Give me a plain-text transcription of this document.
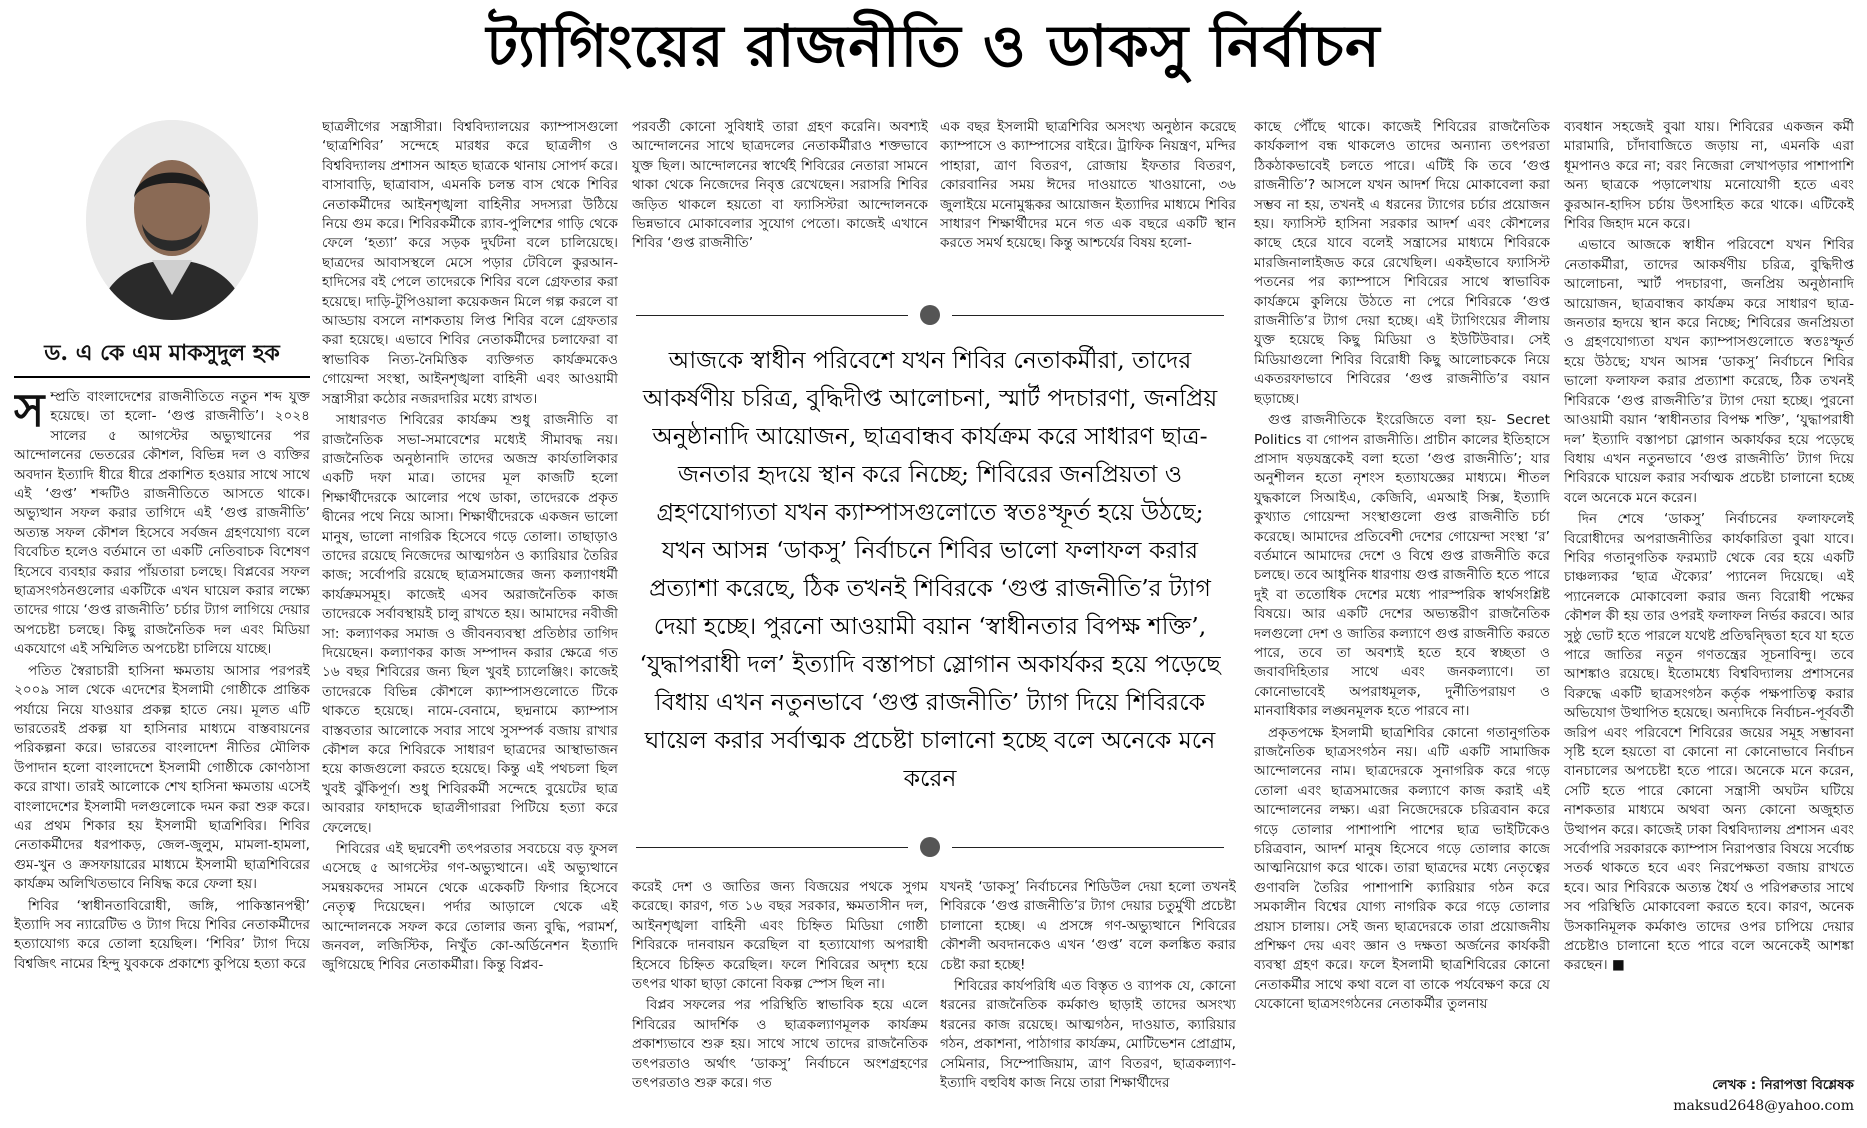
ট্যাগিংয়ের রাজনীতি ও ডাকসু নির্বাচন
ড. এ কে এম মাকসুদুল হক

সম্প্রতি বাংলাদেশের রাজনীতিতে নতুন শব্দ যুক্ত হয়েছে। তা হলো- ‘গুপ্ত রাজনীতি’। ২০২৪ সালের ৫ আগস্টের অভ্যুত্থানের পর আন্দোলনের ভেতরের কৌশল, বিভিন্ন দল ও ব্যক্তির অবদান ইত্যাদি ধীরে ধীরে প্রকাশিত হওয়ার সাথে সাথে এই ‘গুপ্ত’ শব্দটিও রাজনীতিতে আসতে থাকে। অভ্যুত্থান সফল করার তাগিদে এই ‘গুপ্ত রাজনীতি’ অত্যন্ত সফল কৌশল হিসেবে সর্বজন গ্রহণযোগ্য বলে বিবেচিত হলেও বর্তমানে তা একটি নেতিবাচক বিশেষণ হিসেবে ব্যবহার করার পাঁয়তারা চলছে। বিপ্লবের সফল ছাত্রসংগঠনগুলোর একটিকে এখন ঘায়েল করার লক্ষ্যে তাদের গায়ে ‘গুপ্ত রাজনীতি’ চর্চার ট্যাগ লাগিয়ে দেয়ার অপচেষ্টা চলছে। কিছু রাজনৈতিক দল এবং মিডিয়া একযোগে এই সম্মিলিত অপচেষ্টা চালিয়ে যাচ্ছে।

পতিত স্বৈরাচারী হাসিনা ক্ষমতায় আসার পরপরই ২০০৯ সাল থেকে এদেশের ইসলামী গোষ্ঠীকে প্রান্তিক পর্যায়ে নিয়ে যাওয়ার প্রকল্প হাতে নেয়। মূলত এটি ভারতেরই প্রকল্প যা হাসিনার মাধ্যমে বাস্তবায়নের পরিকল্পনা করে। ভারতের বাংলাদেশ নীতির মৌলিক উপাদান হলো বাংলাদেশে ইসলামী গোষ্ঠীকে কোণঠাসা করে রাখা। তারই আলোকে শেখ হাসিনা ক্ষমতায় এসেই বাংলাদেশের ইসলামী দলগুলোকে দমন করা শুরু করে। এর প্রথম শিকার হয় ইসলামী ছাত্রশিবির। শিবির নেতাকর্মীদের ধরপাকড়, জেল-জুলুম, মামলা-হামলা, গুম-খুন ও ক্রসফায়ারের মাধ্যমে ইসলামী ছাত্রশিবিরের কার্যক্রম অলিখিতভাবে নিষিদ্ধ করে ফেলা হয়।

শিবির ‘স্বাধীনতাবিরোধী, জঙ্গি, পাকিস্তানপন্থী’ ইত্যাদি সব ন্যারেটিভ ও ট্যাগ দিয়ে শিবির নেতাকর্মীদের হত্যাযোগ্য করে তোলা হয়েছিল। ‘শিবির’ ট্যাগ দিয়ে বিশ্বজিৎ নামের হিন্দু যুবককে প্রকাশ্যে কুপিয়ে হত্যা করে

ছাত্রলীগের সন্ত্রাসীরা। বিশ্ববিদ্যালয়ের ক্যাম্পাসগুলো ‘ছাত্রশিবির’ সন্দেহে মারধর করে ছাত্রলীগ ও বিশ্ববিদ্যালয় প্রশাসন আহত ছাত্রকে থানায় সোপর্দ করে। বাসাবাড়ি, ছাত্রাবাস, এমনকি চলন্ত বাস থেকে শিবির নেতাকর্মীদের আইনশৃঙ্খলা বাহিনীর সদস্যরা উঠিয়ে নিয়ে গুম করে। শিবিরকর্মীকে র‍্যাব-পুলিশের গাড়ি থেকে ফেলে ‘হত্যা’ করে সড়ক দুর্ঘটনা বলে চালিয়েছে। ছাত্রদের আবাসস্থলে মেসে পড়ার টেবিলে কুরআন-হাদিসের বই পেলে তাদেরকে শিবির বলে গ্রেফতার করা হয়েছে। দাড়ি-টুপিওয়ালা কয়েকজন মিলে গল্প করলে বা আড্ডায় বসলে নাশকতায় লিপ্ত শিবির বলে গ্রেফতার করা হয়েছে। এভাবে শিবির নেতাকর্মীদের চলাফেরা বা স্বাভাবিক নিত্য-নৈমিত্তিক ব্যক্তিগত কার্যক্রমকেও গোয়েন্দা সংস্থা, আইনশৃঙ্খলা বাহিনী এবং আওয়ামী সন্ত্রাসীরা কঠোর নজরদারির মধ্যে রাখত।

সাধারণত শিবিরের কার্যক্রম শুধু রাজনীতি বা রাজনৈতিক সভা-সমাবেশের মধ্যেই সীমাবদ্ধ নয়। রাজনৈতিক অনুষ্ঠানাদি তাদের অজস্র কার্যতালিকার একটি দফা মাত্র। তাদের মূল কাজটি হলো শিক্ষার্থীদেরকে আলোর পথে ডাকা, তাদেরকে প্রকৃত দ্বীনের পথে নিয়ে আসা। শিক্ষার্থীদেরকে একজন ভালো মানুষ, ভালো নাগরিক হিসেবে গড়ে তোলা। তাছাড়াও তাদের রয়েছে নিজেদের আত্মগঠন ও ক্যারিয়ার তৈরির কাজ; সর্বোপরি রয়েছে ছাত্রসমাজের জন্য কল্যাণধর্মী কার্যক্রমসমূহ। কাজেই এসব অরাজনৈতিক কাজ তাদেরকে সর্বাবস্থায়ই চালু রাখতে হয়। আমাদের নবীজী সা: কল্যাণকর সমাজ ও জীবনব্যবস্থা প্রতিষ্ঠার তাগিদ দিয়েছেন। কল্যাণকর কাজ সম্পাদন করার ক্ষেত্রে গত ১৬ বছর শিবিরের জন্য ছিল খুবই চ্যালেঞ্জিং। কাজেই তাদেরকে বিভিন্ন কৌশলে ক্যাম্পাসগুলোতে টিকে থাকতে হয়েছে। নামে-বেনামে, ছদ্মনামে ক্যাম্পাস বাস্তবতার আলোকে সবার সাথে সুসম্পর্ক বজায় রাখার কৌশল করে শিবিরকে সাধারণ ছাত্রদের আস্থাভাজন হয়ে কাজগুলো করতে হয়েছে। কিন্তু এই পথচলা ছিল খুবই ঝুঁকিপূর্ণ। শুধু শিবিরকর্মী সন্দেহে বুয়েটের ছাত্র আবরার ফাহাদকে ছাত্রলীগাররা পিটিয়ে হত্যা করে ফেলেছে।

শিবিরের এই ছদ্মবেশী তৎপরতার সবচেয়ে বড় ফুসল এসেছে ৫ আগস্টের গণ-অভ্যুত্থানে। এই অভ্যুত্থানে সমন্বয়কদের সামনে থেকে একেকটি ফিগার হিসেবে নেতৃত্ব দিয়েছেন। পর্দার আড়ালে থেকে এই আন্দোলনকে সফল করে তোলার জন্য বুদ্ধি, পরামর্শ, জনবল, লজিস্টিক, নিখুঁত কো-অর্ডিনেশন ইত্যাদি জুগিয়েছে শিবির নেতাকর্মীরা। কিন্তু বিপ্লব-

পরবর্তী কোনো সুবিধাই তারা গ্রহণ করেনি। অবশ্যই আন্দোলনের সাথে ছাত্রদলের নেতাকর্মীরাও শক্তভাবে যুক্ত ছিল। আন্দোলনের স্বার্থেই শিবিরের নেতারা সামনে থাকা থেকে নিজেদের নিবৃত্ত রেখেছেন। সরাসরি শিবির জড়িত থাকলে হয়তো বা ফ্যাসিস্টরা আন্দোলনকে ভিন্নভাবে মোকাবেলার সুযোগ পেতো। কাজেই এখানে শিবির ‘গুপ্ত রাজনীতি’

এক বছর ইসলামী ছাত্রশিবির অসংখ্য অনুষ্ঠান করেছে ক্যাম্পাসে ও ক্যাম্পাসের বাইরে। ট্রাফিক নিয়ন্ত্রণ, মন্দির পাহারা, ত্রাণ বিতরণ, রোজায় ইফতার বিতরণ, কোরবানির সময় ঈদের দাওয়াতে খাওয়ানো, ৩৬ জুলাইয়ে মনোমুগ্ধকর আয়োজন ইত্যাদির মাধ্যমে শিবির সাধারণ শিক্ষার্থীদের মনে গত এক বছরে একটি স্থান করতে সমর্থ হয়েছে। কিন্তু আশ্চর্যের বিষয় হলো-

আজকে স্বাধীন পরিবেশে যখন শিবির নেতাকর্মীরা, তাদের আকর্ষণীয় চরিত্র, বুদ্ধিদীপ্ত আলোচনা, স্মার্ট পদচারণা, জনপ্রিয় অনুষ্ঠানাদি আয়োজন, ছাত্রবান্ধব কার্যক্রম করে সাধারণ ছাত্র-জনতার হৃদয়ে স্থান করে নিচ্ছে; শিবিরের জনপ্রিয়তা ও গ্রহণযোগ্যতা যখন ক্যাম্পাসগুলোতে স্বতঃস্ফূর্ত হয়ে উঠছে; যখন আসন্ন ‘ডাকসু’ নির্বাচনে শিবির ভালো ফলাফল করার প্রত্যাশা করেছে, ঠিক তখনই শিবিরকে ‘গুপ্ত রাজনীতি’র ট্যাগ দেয়া হচ্ছে। পুরনো আওয়ামী বয়ান ‘স্বাধীনতার বিপক্ষ শক্তি’, ‘যুদ্ধাপরাধী দল’ ইত্যাদি বস্তাপচা স্লোগান অকার্যকর হয়ে পড়েছে বিধায় এখন নতুনভাবে ‘গুপ্ত রাজনীতি’ ট্যাগ দিয়ে শিবিরকে ঘায়েল করার সর্বাত্মক প্রচেষ্টা চালানো হচ্ছে বলে অনেকে মনে করেন

করেই দেশ ও জাতির জন্য বিজয়ের পথকে সুগম করেছে। কারণ, গত ১৬ বছর সরকার, ক্ষমতাসীন দল, আইনশৃঙ্খলা বাহিনী এবং চিহ্নিত মিডিয়া গোষ্ঠী শিবিরকে দানবায়ন করেছিল বা হত্যাযোগ্য অপরাধী হিসেবে চিহ্নিত করেছিল। ফলে শিবিরের অদৃশ্য হয়ে তৎপর থাকা ছাড়া কোনো বিকল্প স্পেস ছিল না।

বিপ্লব সফলের পর পরিস্থিতি স্বাভাবিক হয়ে এলে শিবিরের আদর্শিক ও ছাত্রকল্যাণমূলক কার্যক্রম প্রকাশ্যভাবে শুরু হয়। সাথে সাথে তাদের রাজনৈতিক তৎপরতাও অর্থাৎ ‘ডাকসু’ নির্বাচনে অংশগ্রহণের তৎপরতাও শুরু করে। গত

যখনই ‘ডাকসু’ নির্বাচনের শিডিউল দেয়া হলো তখনই শিবিরকে ‘গুপ্ত রাজনীতি’র ট্যাগ দেয়ার চতুর্মুখী প্রচেষ্টা চালানো হচ্ছে। এ প্রসঙ্গে গণ-অভ্যুত্থানে শিবিরের কৌশলী অবদানকেও এখন ‘গুপ্ত’ বলে কলঙ্কিত করার চেষ্টা করা হচ্ছে!

শিবিরের কার্যপরিধি এত বিস্তৃত ও ব্যাপক যে, কোনো ধরনের রাজনৈতিক কর্মকাণ্ড ছাড়াই তাদের অসংখ্য ধরনের কাজ রয়েছে। আত্মগঠন, দাওয়াত, ক্যারিয়ার গঠন, প্রকাশনা, পাঠাগার কার্যক্রম, মোটিভেশন প্রোগ্রাম, সেমিনার, সিম্পোজিয়াম, ত্রাণ বিতরণ, ছাত্রকল্যাণ- ইত্যাদি বহুবিধ কাজ নিয়ে তারা শিক্ষার্থীদের

কাছে পৌঁছে থাকে। কাজেই শিবিরের রাজনৈতিক কার্যকলাপ বন্ধ থাকলেও তাদের অন্যান্য তৎপরতা ঠিকঠাকভাবেই চলতে পারে। এটিই কি তবে ‘গুপ্ত রাজনীতি’? আসলে যখন আদর্শ দিয়ে মোকাবেলা করা সম্ভব না হয়, তখনই এ ধরনের ট্যাগের চর্চার প্রয়োজন হয়। ফ্যাসিস্ট হাসিনা সরকার আদর্শ এবং কৌশলের কাছে হেরে যাবে বলেই সন্ত্রাসের মাধ্যমে শিবিরকে মারজিনালাইজড করে রেখেছিল। একইভাবে ফ্যাসিস্ট পতনের পর ক্যাম্পাসে শিবিরের সাথে স্বাভাবিক কার্যক্রমে কুলিয়ে উঠতে না পেরে শিবিরকে ‘গুপ্ত রাজনীতি’র ট্যাগ দেয়া হচ্ছে। এই ট্যাগিংয়ের লীলায় যুক্ত হয়েছে কিছু মিডিয়া ও ইউটিউবার। সেই মিডিয়াগুলো শিবির বিরোধী কিছু আলোচককে নিয়ে একতরফাভাবে শিবিরের ‘গুপ্ত রাজনীতি’র বয়ান ছড়াচ্ছে।

গুপ্ত রাজনীতিকে ইংরেজিতে বলা হয়- Secret Politics বা গোপন রাজনীতি। প্রাচীন কালের ইতিহাসে প্রাসাদ ষড়যন্ত্রকেই বলা হতো ‘গুপ্ত রাজনীতি’; যার অনুশীলন হতো নৃশংস হত্যাযজ্ঞের মাধ্যমে। শীতল যুদ্ধকালে সিআইএ, কেজিবি, এমআই সিক্স, ইত্যাদি কুখ্যাত গোয়েন্দা সংস্থাগুলো গুপ্ত রাজনীতি চর্চা করেছে। আমাদের প্রতিবেশী দেশের গোয়েন্দা সংস্থা ‘র’ বর্তমানে আমাদের দেশে ও বিশ্বে গুপ্ত রাজনীতি করে চলছে। তবে আধুনিক ধারণায় গুপ্ত রাজনীতি হতে পারে দুই বা ততোধিক দেশের মধ্যে পারস্পরিক স্বার্থসংশ্লিষ্ট বিষয়ে। আর একটি দেশের অভ্যন্তরীণ রাজনৈতিক দলগুলো দেশ ও জাতির কল্যাণে গুপ্ত রাজনীতি করতে পারে, তবে তা অবশ্যই হতে হবে স্বচ্ছতা ও জবাবদিহিতার সাথে এবং জনকল্যাণে। তা কোনোভাবেই অপরাধমূলক, দুর্নীতিপরায়ণ ও মানবাধিকার লঙ্ঘনমূলক হতে পারবে না।

প্রকৃতপক্ষে ইসলামী ছাত্রশিবির কোনো গতানুগতিক রাজনৈতিক ছাত্রসংগঠন নয়। এটি একটি সামাজিক আন্দোলনের নাম। ছাত্রদেরকে সুনাগরিক করে গড়ে তোলা এবং ছাত্রসমাজের কল্যাণে কাজ করাই এই আন্দোলনের লক্ষ্য। এরা নিজেদেরকে চরিত্রবান করে গড়ে তোলার পাশাপাশি পাশের ছাত্র ভাইটিকেও চরিত্রবান, আদর্শ মানুষ হিসেবে গড়ে তোলার কাজে আত্মনিয়োগ করে থাকে। তারা ছাত্রদের মধ্যে নেতৃত্বের গুণাবলি তৈরির পাশাপাশি ক্যারিয়ার গঠন করে সমকালীন বিশ্বের যোগ্য নাগরিক করে গড়ে তোলার প্রয়াস চালায়। সেই জন্য ছাত্রদেরকে তারা প্রয়োজনীয় প্রশিক্ষণ দেয় এবং জ্ঞান ও দক্ষতা অর্জনের কার্যকরী ব্যবস্থা গ্রহণ করে। ফলে ইসলামী ছাত্রশিবিরের কোনো নেতাকর্মীর সাথে কথা বলে বা তাকে পর্যবেক্ষণ করে যে যেকোনো ছাত্রসংগঠনের নেতাকর্মীর তুলনায়

ব্যবধান সহজেই বুঝা যায়। শিবিরের একজন কর্মী মারামারি, চাঁদাবাজিতে জড়ায় না, এমনকি এরা ধূমপানও করে না; বরং নিজেরা লেখাপড়ার পাশাপাশি অন্য ছাত্রকে পড়ালেখায় মনোযোগী হতে এবং কুরআন-হাদিস চর্চায় উৎসাহিত করে থাকে। এটিকেই শিবির জিহাদ মনে করে।

এভাবে আজকে স্বাধীন পরিবেশে যখন শিবির নেতাকর্মীরা, তাদের আকর্ষণীয় চরিত্র, বুদ্ধিদীপ্ত আলোচনা, স্মার্ট পদচারণা, জনপ্রিয় অনুষ্ঠানাদি আয়োজন, ছাত্রবান্ধব কার্যক্রম করে সাধারণ ছাত্র-জনতার হৃদয়ে স্থান করে নিচ্ছে; শিবিরের জনপ্রিয়তা ও গ্রহণযোগ্যতা যখন ক্যাম্পাসগুলোতে স্বতঃস্ফূর্ত হয়ে উঠছে; যখন আসন্ন ‘ডাকসু’ নির্বাচনে শিবির ভালো ফলাফল করার প্রত্যাশা করেছে, ঠিক তখনই শিবিরকে ‘গুপ্ত রাজনীতি’র ট্যাগ দেয়া হচ্ছে। পুরনো আওয়ামী বয়ান ‘স্বাধীনতার বিপক্ষ শক্তি’, ‘যুদ্ধাপরাধী দল’ ইত্যাদি বস্তাপচা স্লোগান অকার্যকর হয়ে পড়েছে বিধায় এখন নতুনভাবে ‘গুপ্ত রাজনীতি’ ট্যাগ দিয়ে শিবিরকে ঘায়েল করার সর্বাত্মক প্রচেষ্টা চালানো হচ্ছে বলে অনেকে মনে করেন।

দিন শেষে ‘ডাকসু’ নির্বাচনের ফলাফলেই বিরোধীদের অপরাজনীতির কার্যকারিতা বুঝা যাবে। শিবির গতানুগতিক ফরম্যাট থেকে বের হয়ে একটি চাঞ্চল্যকর ‘ছাত্র ঐক্যের’ প্যানেল দিয়েছে। এই প্যানেলকে মোকাবেলা করার জন্য বিরোধী পক্ষের কৌশল কী হয় তার ওপরই ফলাফল নির্ভর করবে। আর সুষ্ঠু ভোট হতে পারলে যথেষ্ট প্রতিদ্বন্দ্বিতা হবে যা হতে পারে জাতির নতুন গণতন্ত্রের সূচনাবিন্দু। তবে আশঙ্কাও রয়েছে। ইতোমধ্যে বিশ্ববিদ্যালয় প্রশাসনের বিরুদ্ধে একটি ছাত্রসংগঠন কর্তৃক পক্ষপাতিত্ব করার অভিযোগ উত্থাপিত হয়েছে। অন্যদিকে নির্বাচন-পূর্ববর্তী জরিপ এবং পরিবেশে শিবিরের জয়ের সমূহ সম্ভাবনা সৃষ্টি হলে হয়তো বা কোনো না কোনোভাবে নির্বাচন বানচালের অপচেষ্টা হতে পারে। অনেকে মনে করেন, সেটি হতে পারে কোনো সন্ত্রাসী অঘটন ঘটিয়ে নাশকতার মাধ্যমে অথবা অন্য কোনো অজুহাত উত্থাপন করে। কাজেই ঢাকা বিশ্ববিদ্যালয় প্রশাসন এবং সর্বোপরি সরকারকে ক্যাম্পাস নিরাপত্তার বিষয়ে সর্বোচ্চ সতর্ক থাকতে হবে এবং নিরপেক্ষতা বজায় রাখতে হবে। আর শিবিরকে অত্যন্ত ধৈর্য ও পরিপক্বতার সাথে সব পরিস্থিতি মোকাবেলা করতে হবে। কারণ, অনেক উসকানিমূলক কর্মকাণ্ড তাদের ওপর চাপিয়ে দেয়ার প্রচেষ্টাও চালানো হতে পারে বলে অনেকেই আশঙ্কা করছেন। ■

লেখক : নিরাপত্তা বিশ্লেষক
maksud2648@yahoo.com
